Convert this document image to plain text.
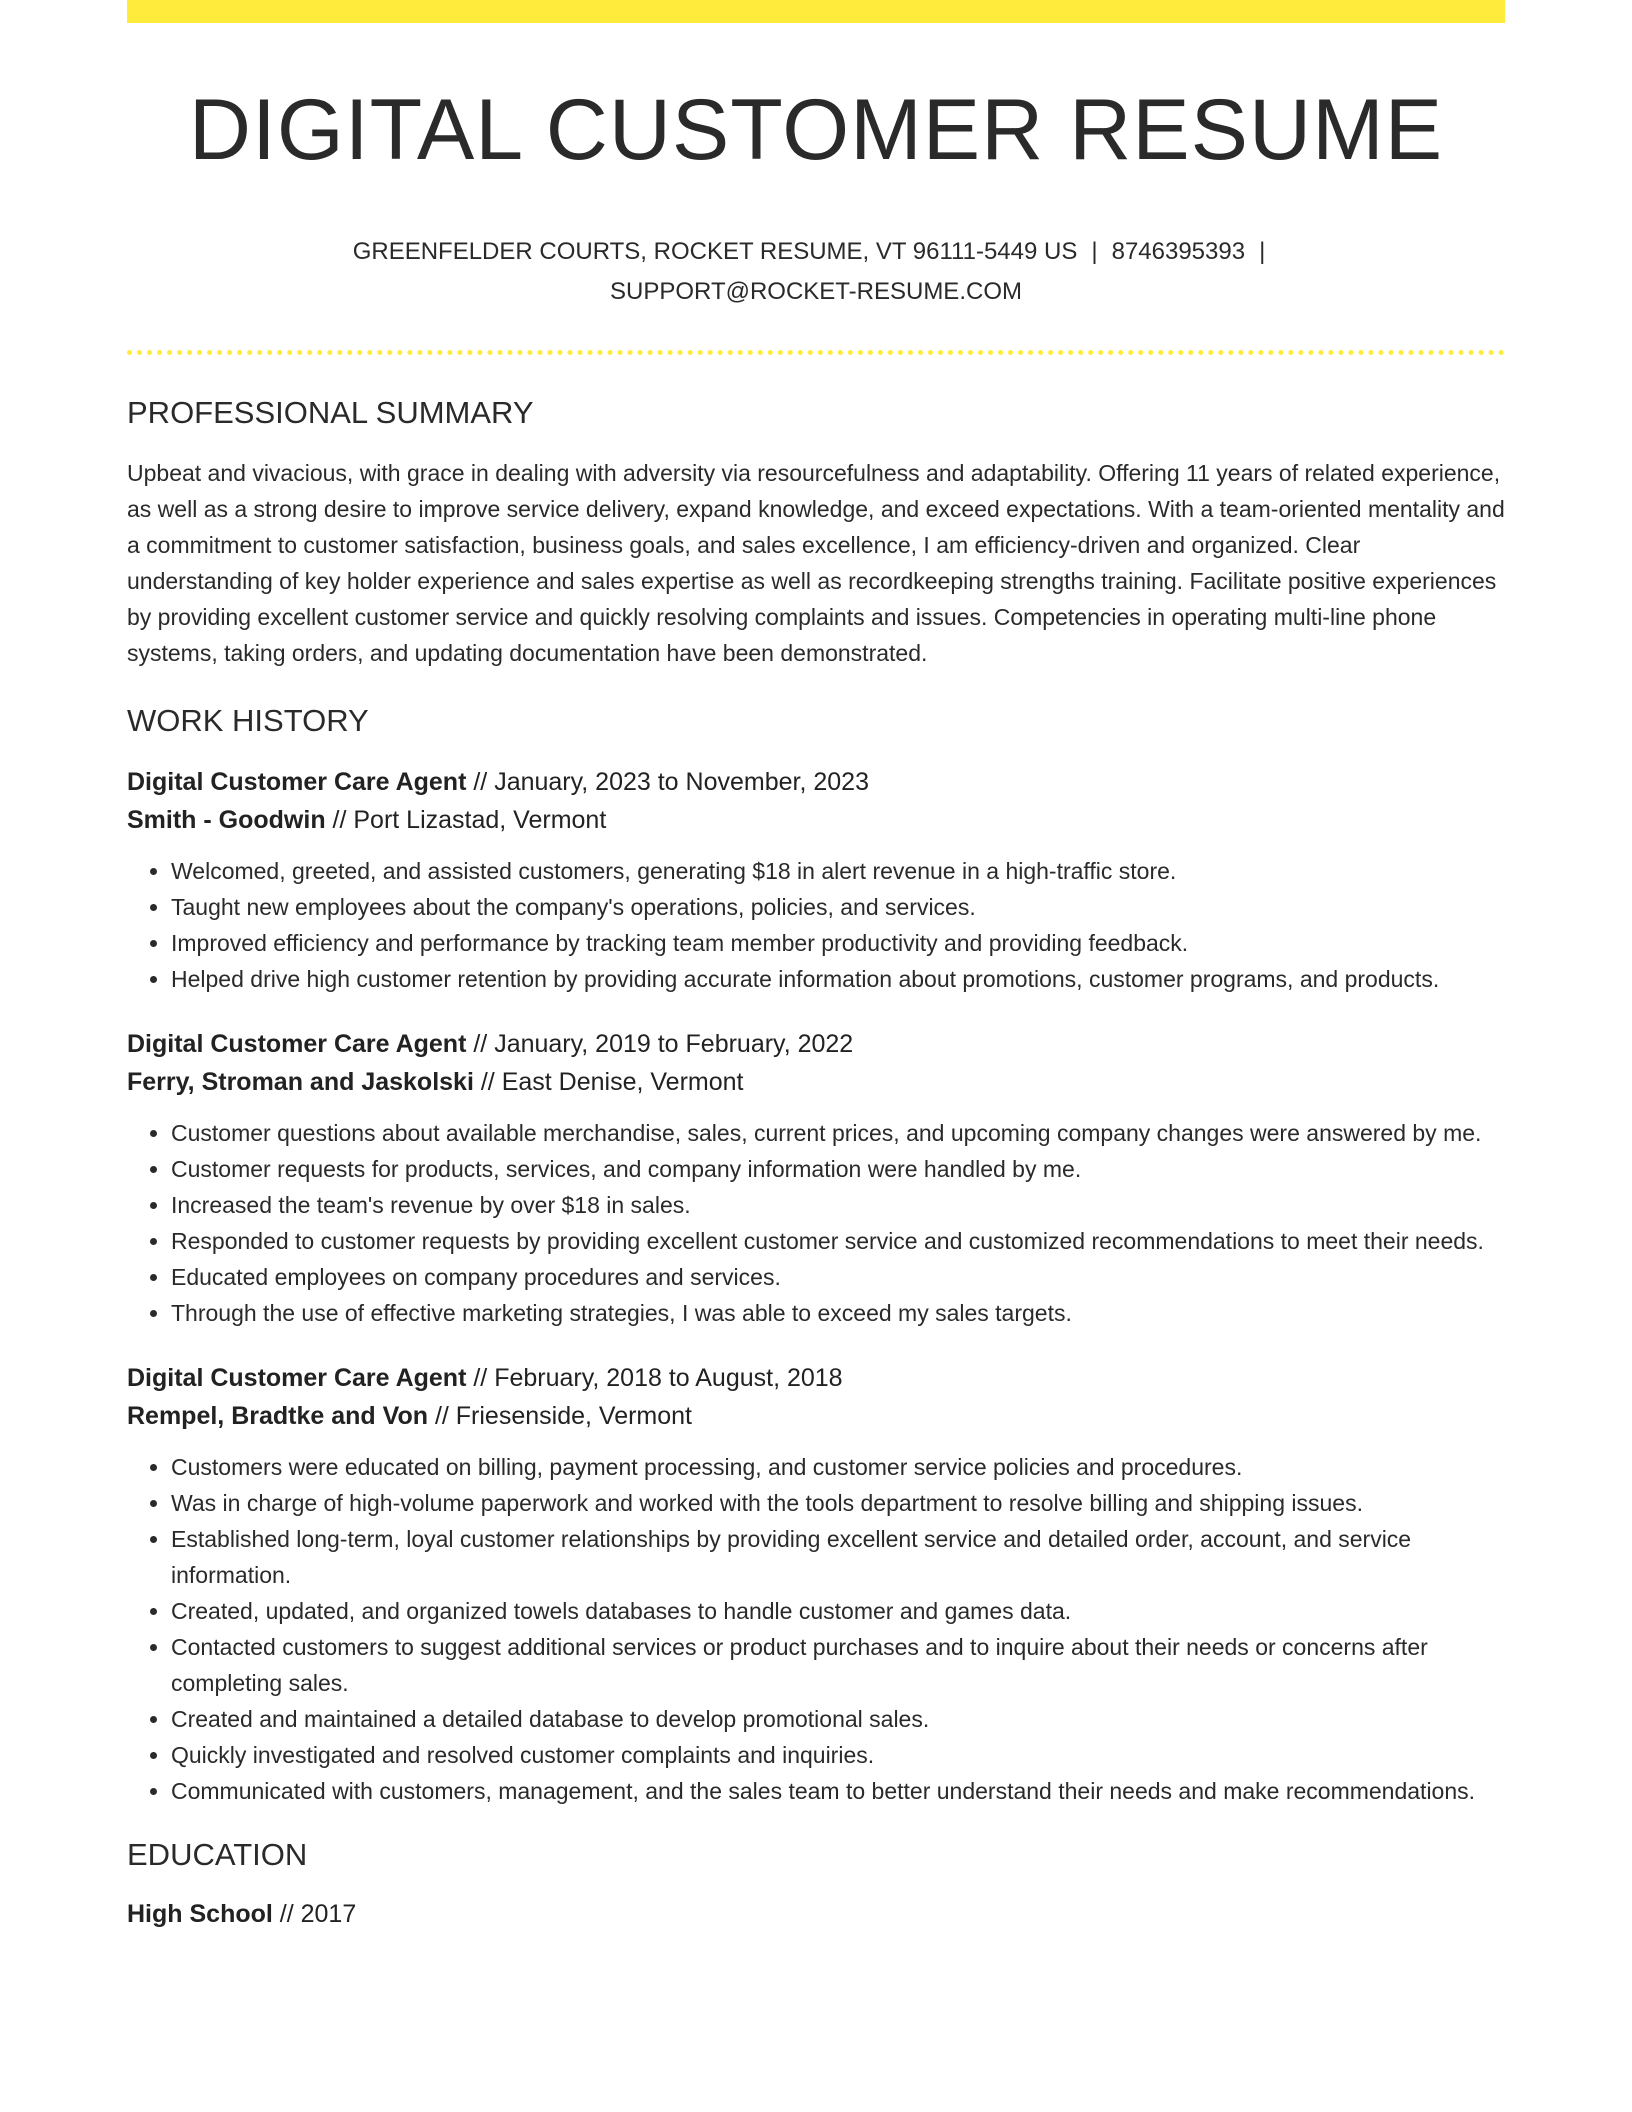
DIGITAL CUSTOMER RESUME
GREENFELDER COURTS, ROCKET RESUME, VT 96111-5449 US | 8746395393 |
SUPPORT@ROCKET-RESUME.COM
PROFESSIONAL SUMMARY
Upbeat and vivacious, with grace in dealing with adversity via resourcefulness and adaptability. Offering 11 years of related experience, as well as a strong desire to improve service delivery, expand knowledge, and exceed expectations. With a team-oriented mentality and a commitment to customer satisfaction, business goals, and sales excellence, I am efficiency-driven and organized. Clear understanding of key holder experience and sales expertise as well as recordkeeping strengths training. Facilitate positive experiences by providing excellent customer service and quickly resolving complaints and issues. Competencies in operating multi-line phone systems, taking orders, and updating documentation have been demonstrated.
WORK HISTORY
Digital Customer Care Agent // January, 2023 to November, 2023
Smith - Goodwin // Port Lizastad, Vermont
• Welcomed, greeted, and assisted customers, generating $18 in alert revenue in a high-traffic store.
• Taught new employees about the company's operations, policies, and services.
• Improved efficiency and performance by tracking team member productivity and providing feedback.
• Helped drive high customer retention by providing accurate information about promotions, customer programs, and products.
Digital Customer Care Agent // January, 2019 to February, 2022
Ferry, Stroman and Jaskolski // East Denise, Vermont
• Customer questions about available merchandise, sales, current prices, and upcoming company changes were answered by me.
• Customer requests for products, services, and company information were handled by me.
• Increased the team's revenue by over $18 in sales.
• Responded to customer requests by providing excellent customer service and customized recommendations to meet their needs.
• Educated employees on company procedures and services.
• Through the use of effective marketing strategies, I was able to exceed my sales targets.
Digital Customer Care Agent // February, 2018 to August, 2018
Rempel, Bradtke and Von // Friesenside, Vermont
• Customers were educated on billing, payment processing, and customer service policies and procedures.
• Was in charge of high-volume paperwork and worked with the tools department to resolve billing and shipping issues.
• Established long-term, loyal customer relationships by providing excellent service and detailed order, account, and service information.
• Created, updated, and organized towels databases to handle customer and games data.
• Contacted customers to suggest additional services or product purchases and to inquire about their needs or concerns after completing sales.
• Created and maintained a detailed database to develop promotional sales.
• Quickly investigated and resolved customer complaints and inquiries.
• Communicated with customers, management, and the sales team to better understand their needs and make recommendations.
EDUCATION
High School // 2017
